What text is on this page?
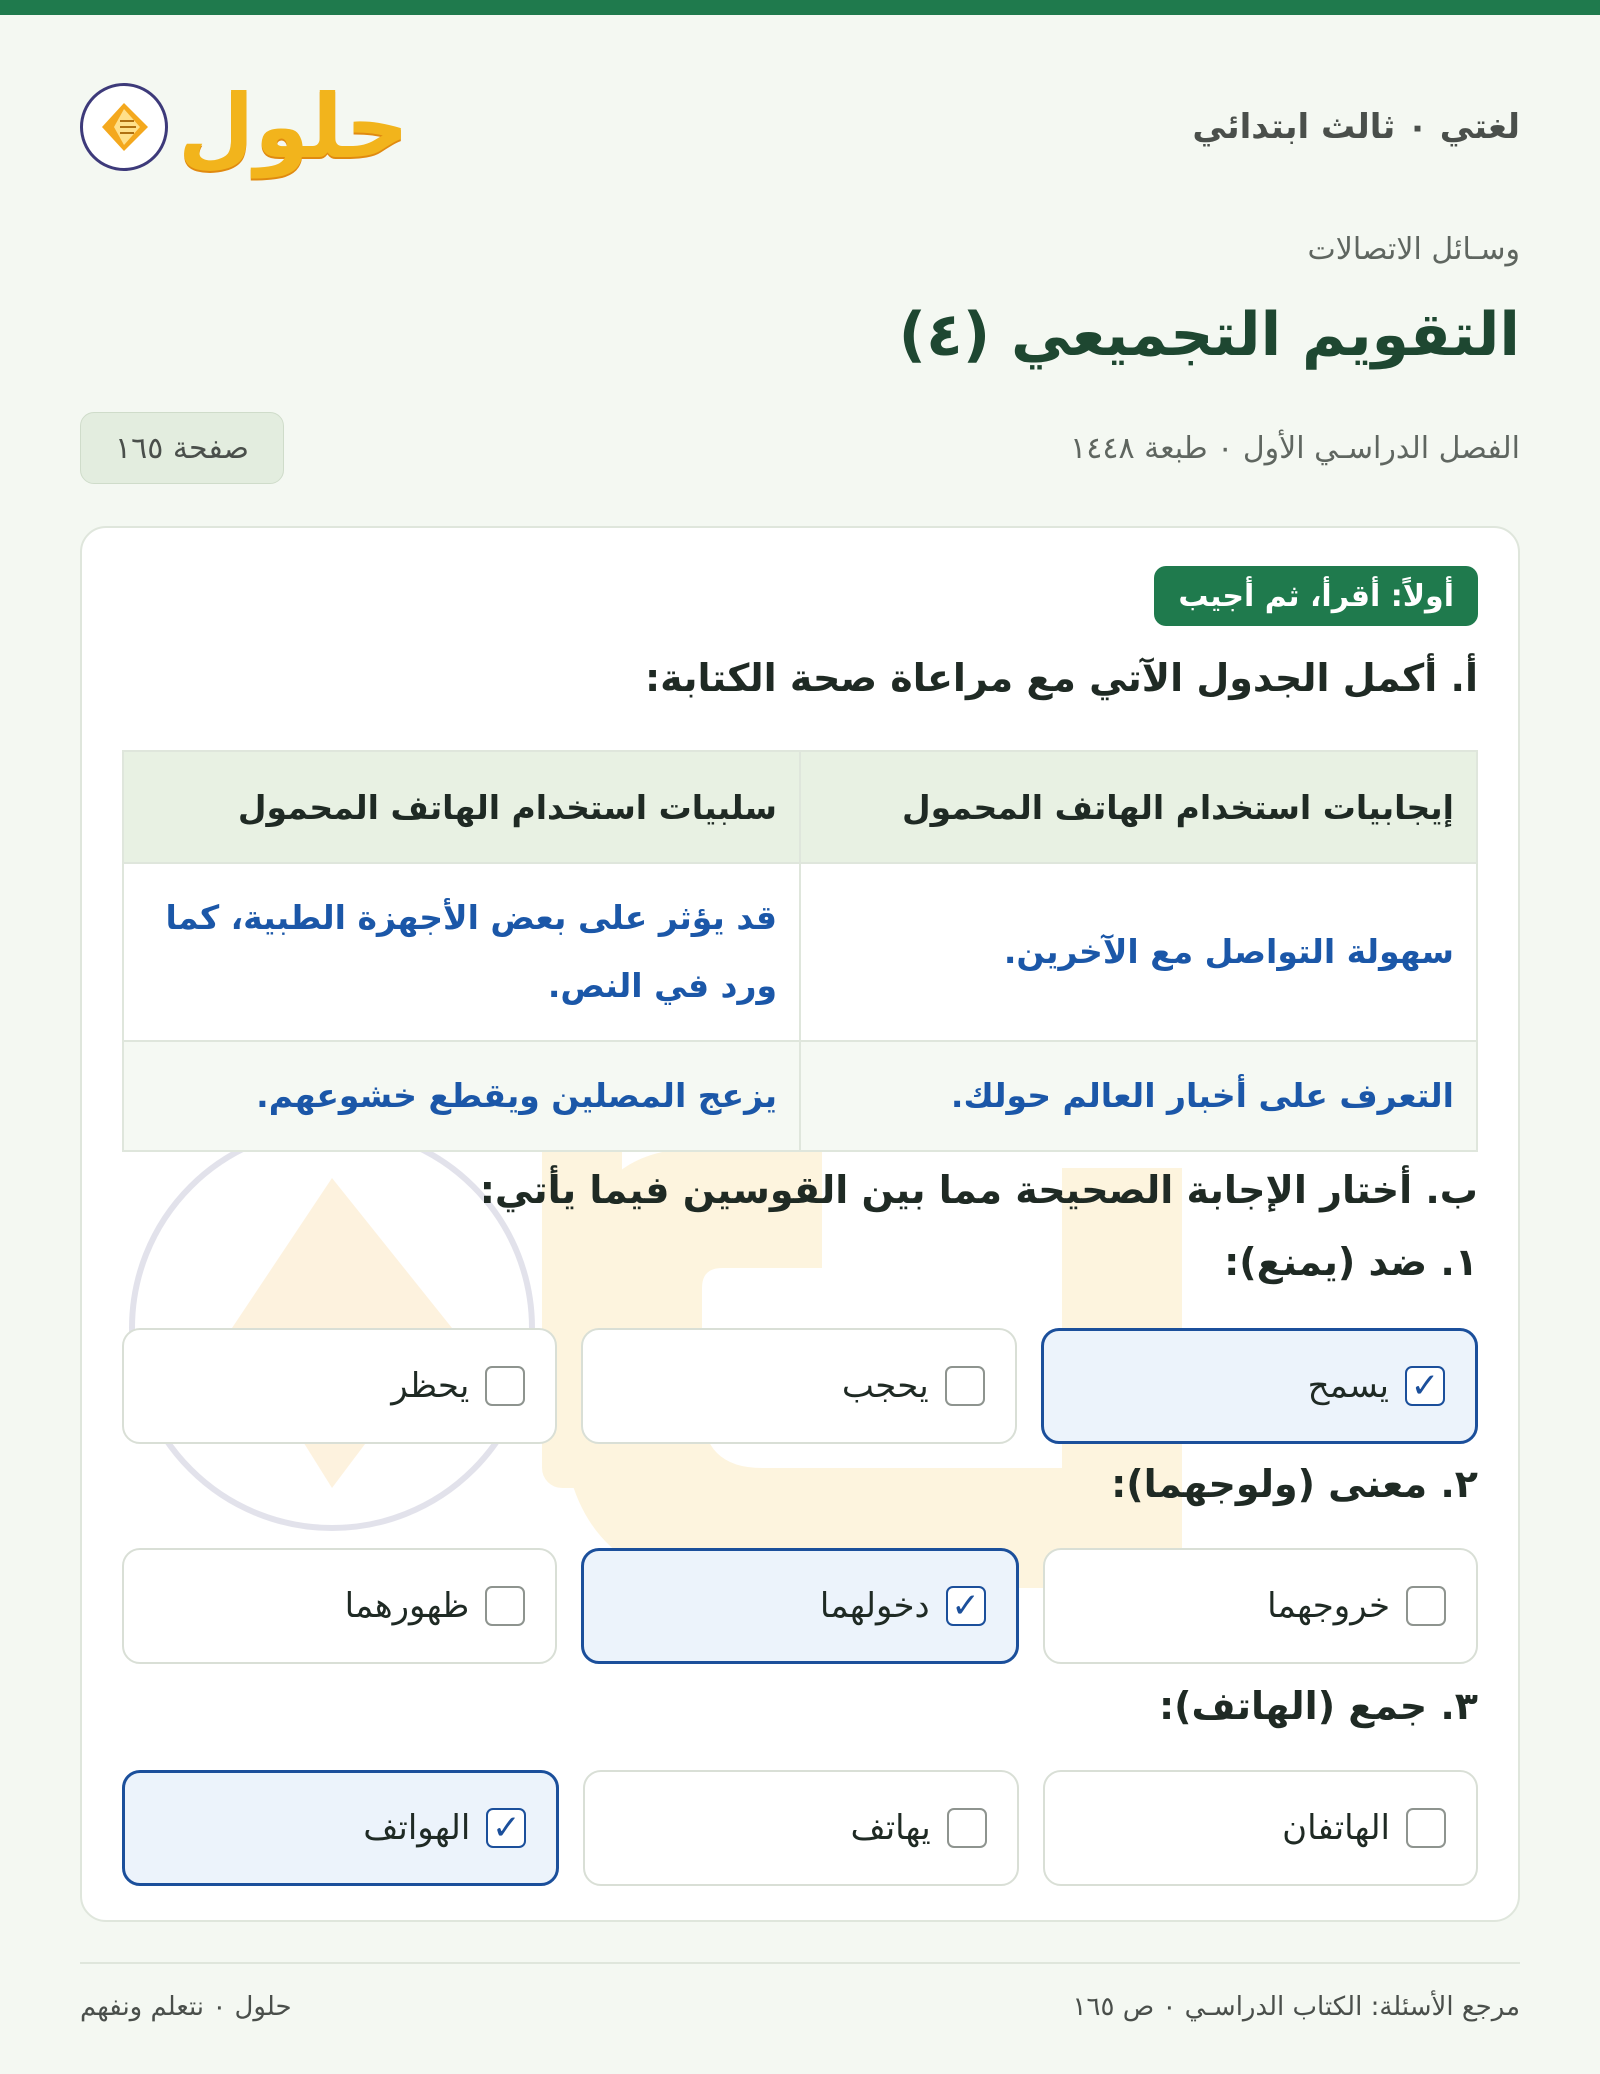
لغتي ٠ ثالث ابتدائي
حلول
وسـائل الاتصالات
التقويم التجميعي (٤)
الفصل الدراسـي الأول ٠ طبعة ١٤٤٨
صفحة ١٦٥
أولاً: أقرأ، ثم أجيب
أ. أكمل الجدول الآتي مع مراعاة صحة الكتابة:
إيجابيات استخدام الهاتف المحمول	سلبيات استخدام الهاتف المحمول
سهولة التواصل مع الآخرين.	قد يؤثر على بعض الأجهزة الطبية، كما ورد في النص.
التعرف على أخبار العالم حولك.	يزعج المصلين ويقطع خشوعهم.
ب. أختار الإجابة الصحيحة مما بين القوسين فيما يأتي:
١. ضد (يمنع):
✓
يسمح
يحجب
يحظر
٢. معنى (ولوجهما):
خروجهما
✓
دخولهما
ظهورهما
٣. جمع (الهاتف):
الهاتفان
يهاتف
✓
الهواتف
مرجع الأسئلة: الكتاب الدراسـي ٠ ص ١٦٥
حلول ٠ نتعلم ونفهم
